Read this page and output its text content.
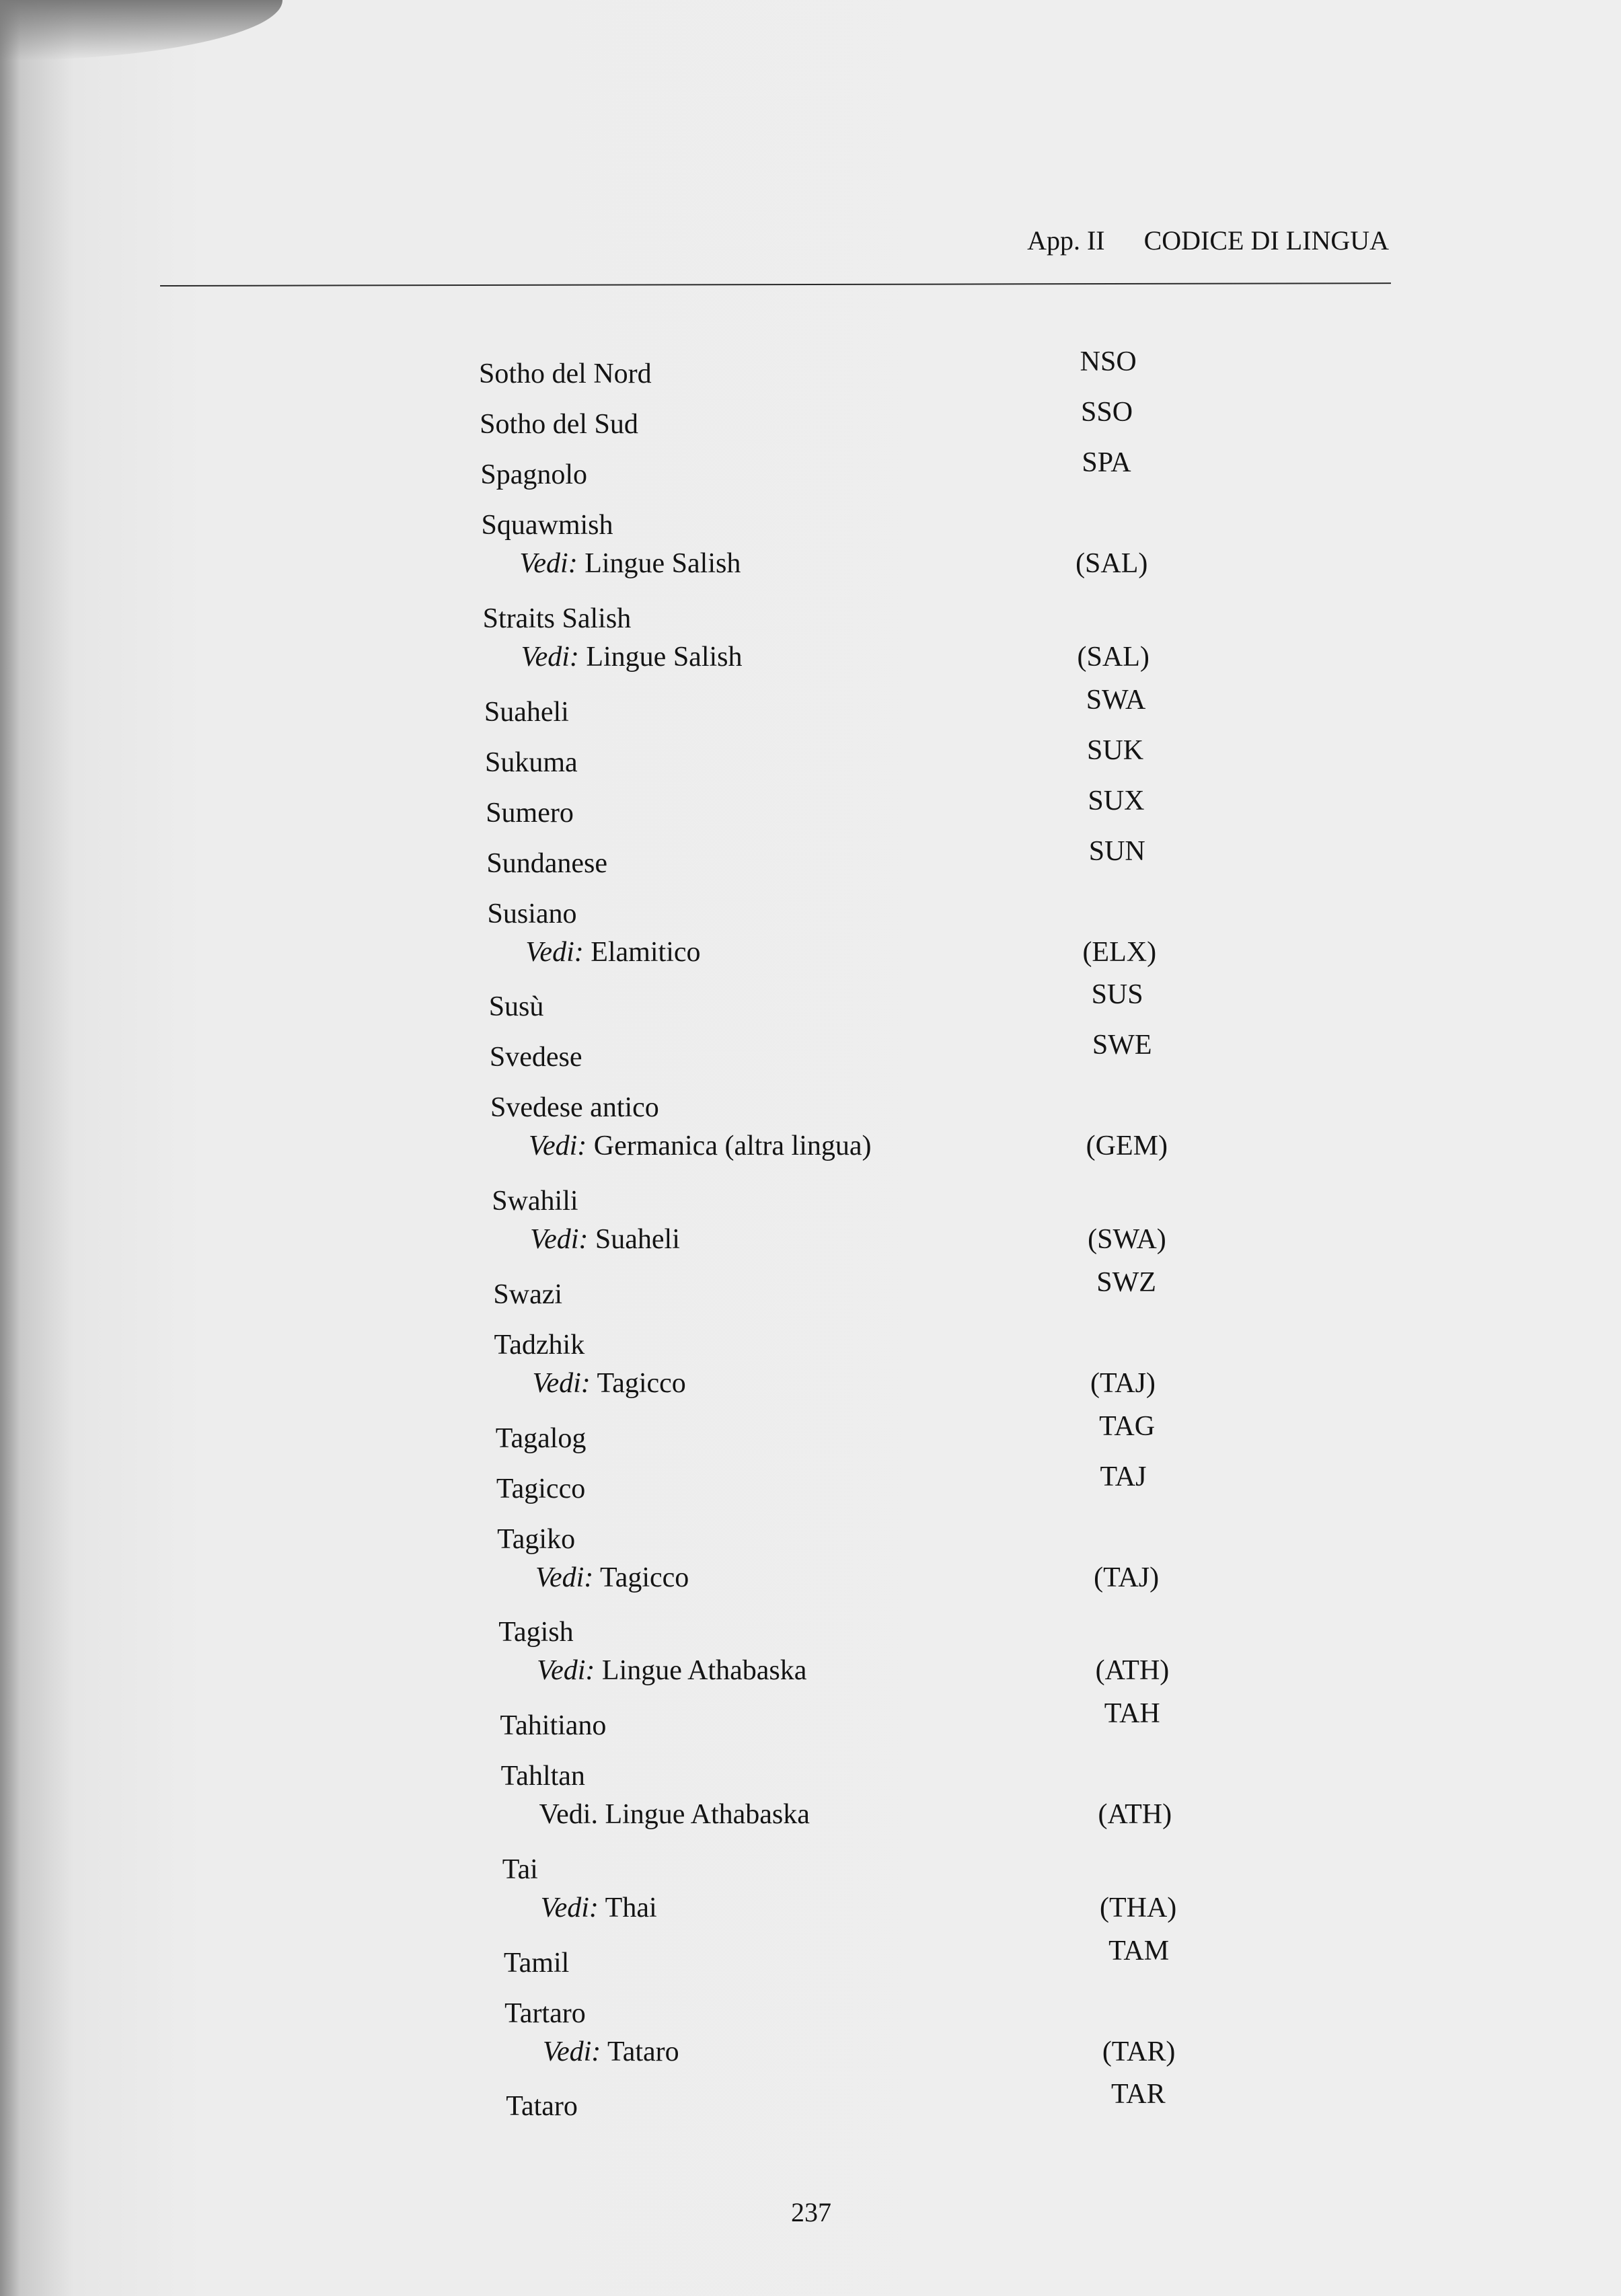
App. II CODICE DI LINGUA
Sotho del Nord	NSO
Sotho del Sud	SSO
Spagnolo	SPA
Squawmish
Vedi: Lingue Salish	(SAL)
Straits Salish
Vedi: Lingue Salish	(SAL)
Suaheli	SWA
Sukuma	SUK
Sumero	SUX
Sundanese	SUN
Susiano
Vedi: Elamitico	(ELX)
Susù	SUS
Svedese	SWE
Svedese antico
Vedi: Germanica (altra lingua)	(GEM)
Swahili
Vedi: Suaheli	(SWA)
Swazi	SWZ
Tadzhik
Vedi: Tagicco	(TAJ)
Tagalog	TAG
Tagicco	TAJ
Tagiko
Vedi: Tagicco	(TAJ)
Tagish
Vedi: Lingue Athabaska	(ATH)
Tahitiano	TAH
Tahltan
Vedi. Lingue Athabaska	(ATH)
Tai
Vedi: Thai	(THA)
Tamil	TAM
Tartaro
Vedi: Tataro	(TAR)
Tataro	TAR
237
